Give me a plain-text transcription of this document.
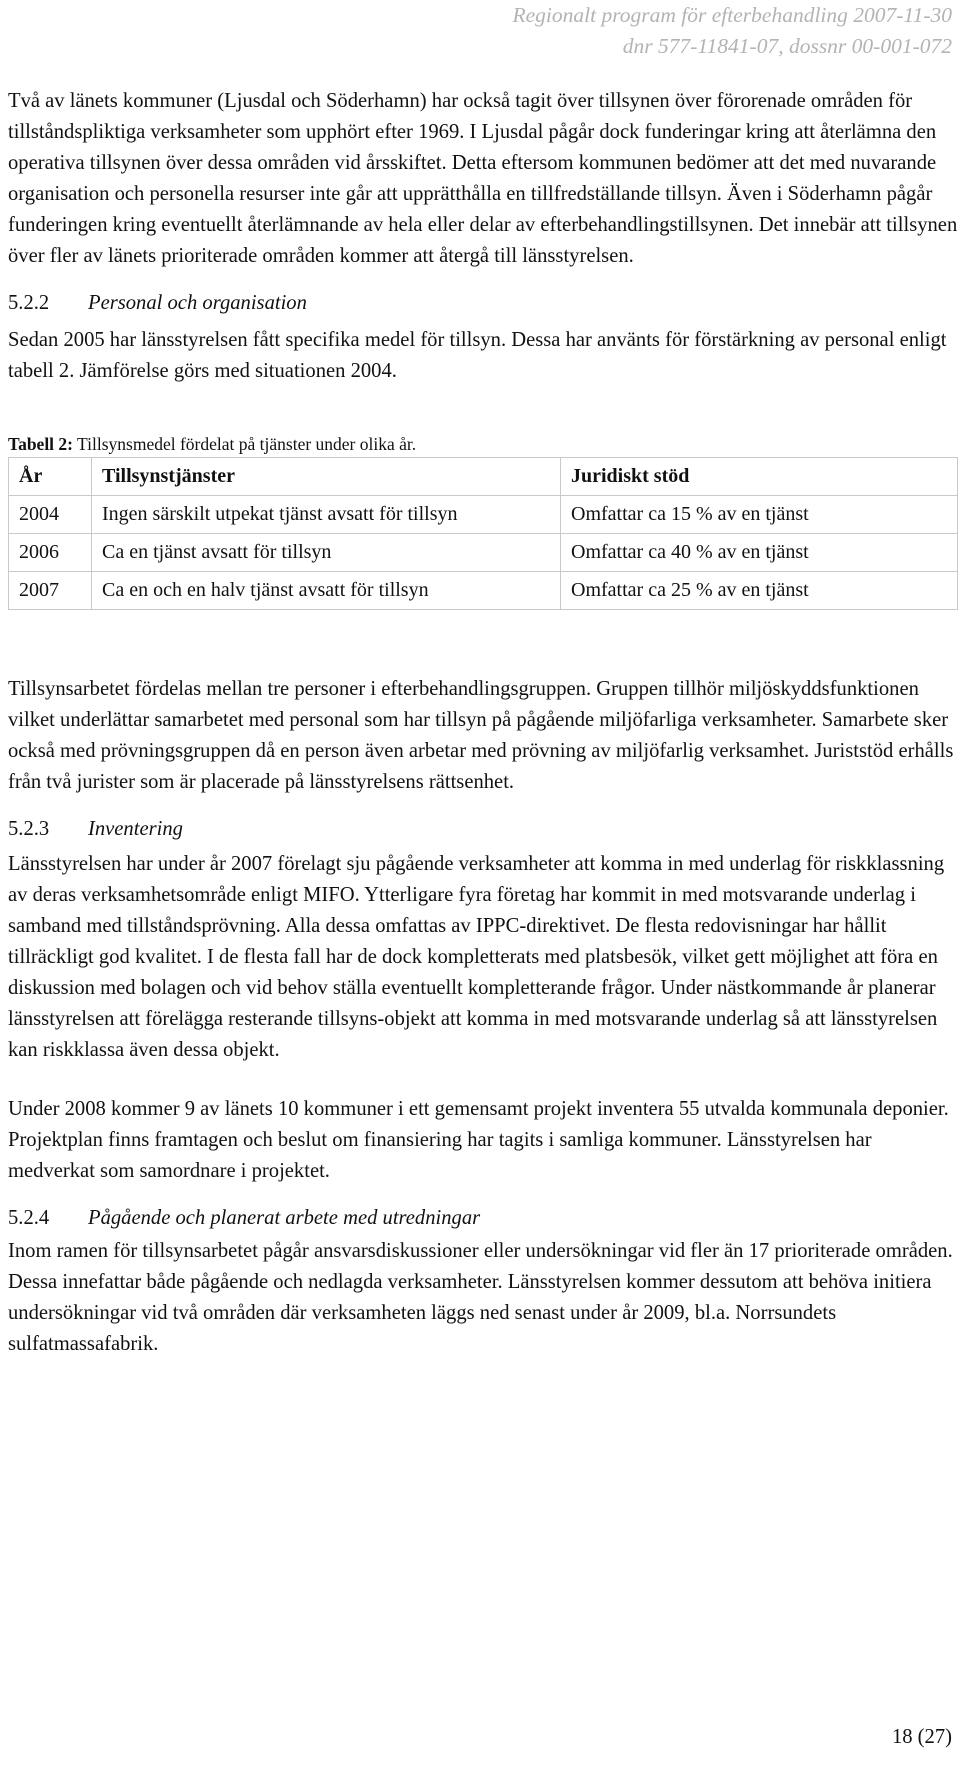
Regionalt program för efterbehandling 2007-11-30
dnr 577-11841-07, dossnr 00-001-072

Två av länets kommuner (Ljusdal och Söderhamn) har också tagit över tillsynen över förorenade områden för tillståndspliktiga verksamheter som upphört efter 1969. I Ljusdal pågår dock funderingar kring att återlämna den operativa tillsynen över dessa områden vid årsskiftet. Detta eftersom kommunen bedömer att det med nuvarande organisation och personella resurser inte går att upprätthålla en tillfredställande tillsyn. Även i Söderhamn pågår funderingen kring eventuellt återlämnande av hela eller delar av efterbehandlingstillsynen. Det innebär att tillsynen över fler av länets prioriterade områden kommer att återgå till länsstyrelsen.

5.2.2 Personal och organisation

Sedan 2005 har länsstyrelsen fått specifika medel för tillsyn. Dessa har använts för förstärkning av personal enligt tabell 2. Jämförelse görs med situationen 2004.

Tabell 2: Tillsynsmedel fördelat på tjänster under olika år.
År	Tillsynstjänster	Juridiskt stöd
2004	Ingen särskilt utpekat tjänst avsatt för tillsyn	Omfattar ca 15 % av en tjänst
2006	Ca en tjänst avsatt för tillsyn	Omfattar ca 40 % av en tjänst
2007	Ca en och en halv tjänst avsatt för tillsyn	Omfattar ca 25 % av en tjänst

Tillsynsarbetet fördelas mellan tre personer i efterbehandlingsgruppen. Gruppen tillhör miljöskyddsfunktionen vilket underlättar samarbetet med personal som har tillsyn på pågående miljöfarliga verksamheter. Samarbete sker också med prövningsgruppen då en person även arbetar med prövning av miljöfarlig verksamhet. Juriststöd erhålls från två jurister som är placerade på länsstyrelsens rättsenhet.

5.2.3 Inventering

Länsstyrelsen har under år 2007 förelagt sju pågående verksamheter att komma in med underlag för riskklassning av deras verksamhetsområde enligt MIFO. Ytterligare fyra företag har kommit in med motsvarande underlag i samband med tillståndsprövning. Alla dessa omfattas av IPPC-direktivet. De flesta redovisningar har hållit tillräckligt god kvalitet. I de flesta fall har de dock kompletterats med platsbesök, vilket gett möjlighet att föra en diskussion med bolagen och vid behov ställa eventuellt kompletterande frågor. Under nästkommande år planerar länsstyrelsen att förelägga resterande tillsyns-objekt att komma in med motsvarande underlag så att länsstyrelsen kan riskklassa även dessa objekt.

Under 2008 kommer 9 av länets 10 kommuner i ett gemensamt projekt inventera 55 utvalda kommunala deponier. Projektplan finns framtagen och beslut om finansiering har tagits i samliga kommuner. Länsstyrelsen har medverkat som samordnare i projektet.

5.2.4 Pågående och planerat arbete med utredningar

Inom ramen för tillsynsarbetet pågår ansvarsdiskussioner eller undersökningar vid fler än 17 prioriterade områden. Dessa innefattar både pågående och nedlagda verksamheter. Länsstyrelsen kommer dessutom att behöva initiera undersökningar vid två områden där verksamheten läggs ned senast under år 2009, bl.a. Norrsundets sulfatmassafabrik.

18 (27)
